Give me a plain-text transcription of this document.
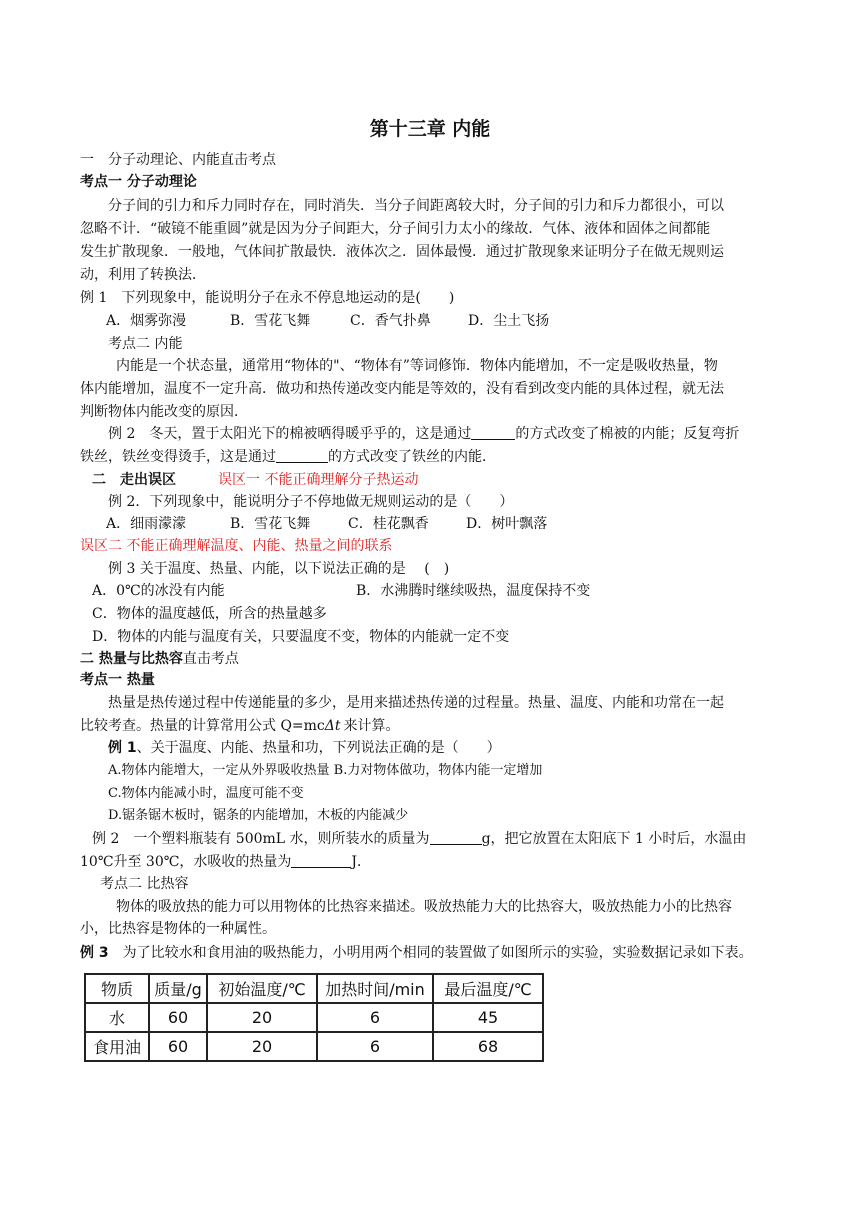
第十三章 内能
一　分子动理论、内能直击考点
考点一 分子动理论
分子间的引力和斥力同时存在，同时消失．当分子间距离较大时，分子间的引力和斥力都很小，可以
忽略不计．“破镜不能重圆”就是因为分子间距大，分子间引力太小的缘故．气体、液体和固体之间都能
发生扩散现象．一般地，气体间扩散最快．液体次之．固体最慢．通过扩散现象来证明分子在做无规则运
动，利用了转换法．
例 1　下列现象中，能说明分子在永不停息地运动的是(　　)
A．烟雾弥漫	B．雪花飞舞	C．香气扑鼻	D．尘土飞扬
考点二 内能
内能是一个状态量，通常用“物体的"、“物体有”等词修饰．物体内能增加，不一定是吸收热量，物
体内能增加，温度不一定升高．做功和热传递改变内能是等效的，没有看到改变内能的具体过程，就无法
判断物体内能改变的原因．
例 2　冬天，置于太阳光下的棉被晒得暖乎乎的，这是通过	的方式改变了棉被的内能；反复弯折
铁丝，铁丝变得烫手，这是通过	的方式改变了铁丝的内能．
二　走出误区	误区一 不能正确理解分子热运动
例 2．下列现象中，能说明分子不停地做无规则运动的是（　　）
A．细雨濛濛	B．雪花飞舞	C．桂花飘香	D．树叶飘落
误区二 不能正确理解温度、内能、热量之间的联系
例 3 关于温度、热量、内能，以下说法正确的是　 (　)
A．0℃的冰没有内能	B．水沸腾时继续吸热，温度保持不变
C．物体的温度越低，所含的热量越多
D．物体的内能与温度有关，只要温度不变，物体的内能就一定不变
二 热量与比热容直击考点
考点一 热量
热量是热传递过程中传递能量的多少，是用来描述热传递的过程量。热量、温度、内能和功常在一起
比较考查。热量的计算常用公式 Q=mcΔt 来计算。
例 1、关于温度、内能、热量和功，下列说法正确的是（　　）
A.物体内能增大，一定从外界吸收热量 B.力对物体做功，物体内能一定增加
C.物体内能减小时，温度可能不变
D.锯条锯木板时，锯条的内能增加，木板的内能减少
例 2　一个塑料瓶装有 500mL 水，则所装水的质量为	g，把它放置在太阳底下 1 小时后，水温由
10℃升至 30℃，水吸收的热量为	J．
考点二 比热容
物体的吸放热的能力可以用物体的比热容来描述。吸放热能力大的比热容大，吸放热能力小的比热容
小，比热容是物体的一种属性。
例 3　为了比较水和食用油的吸热能力，小明用两个相同的装置做了如图所示的实验，实验数据记录如下表。
物质	质量/g	初始温度/℃	加热时间/min	最后温度/℃
水	60	20	6	45
食用油	60	20	6	68
